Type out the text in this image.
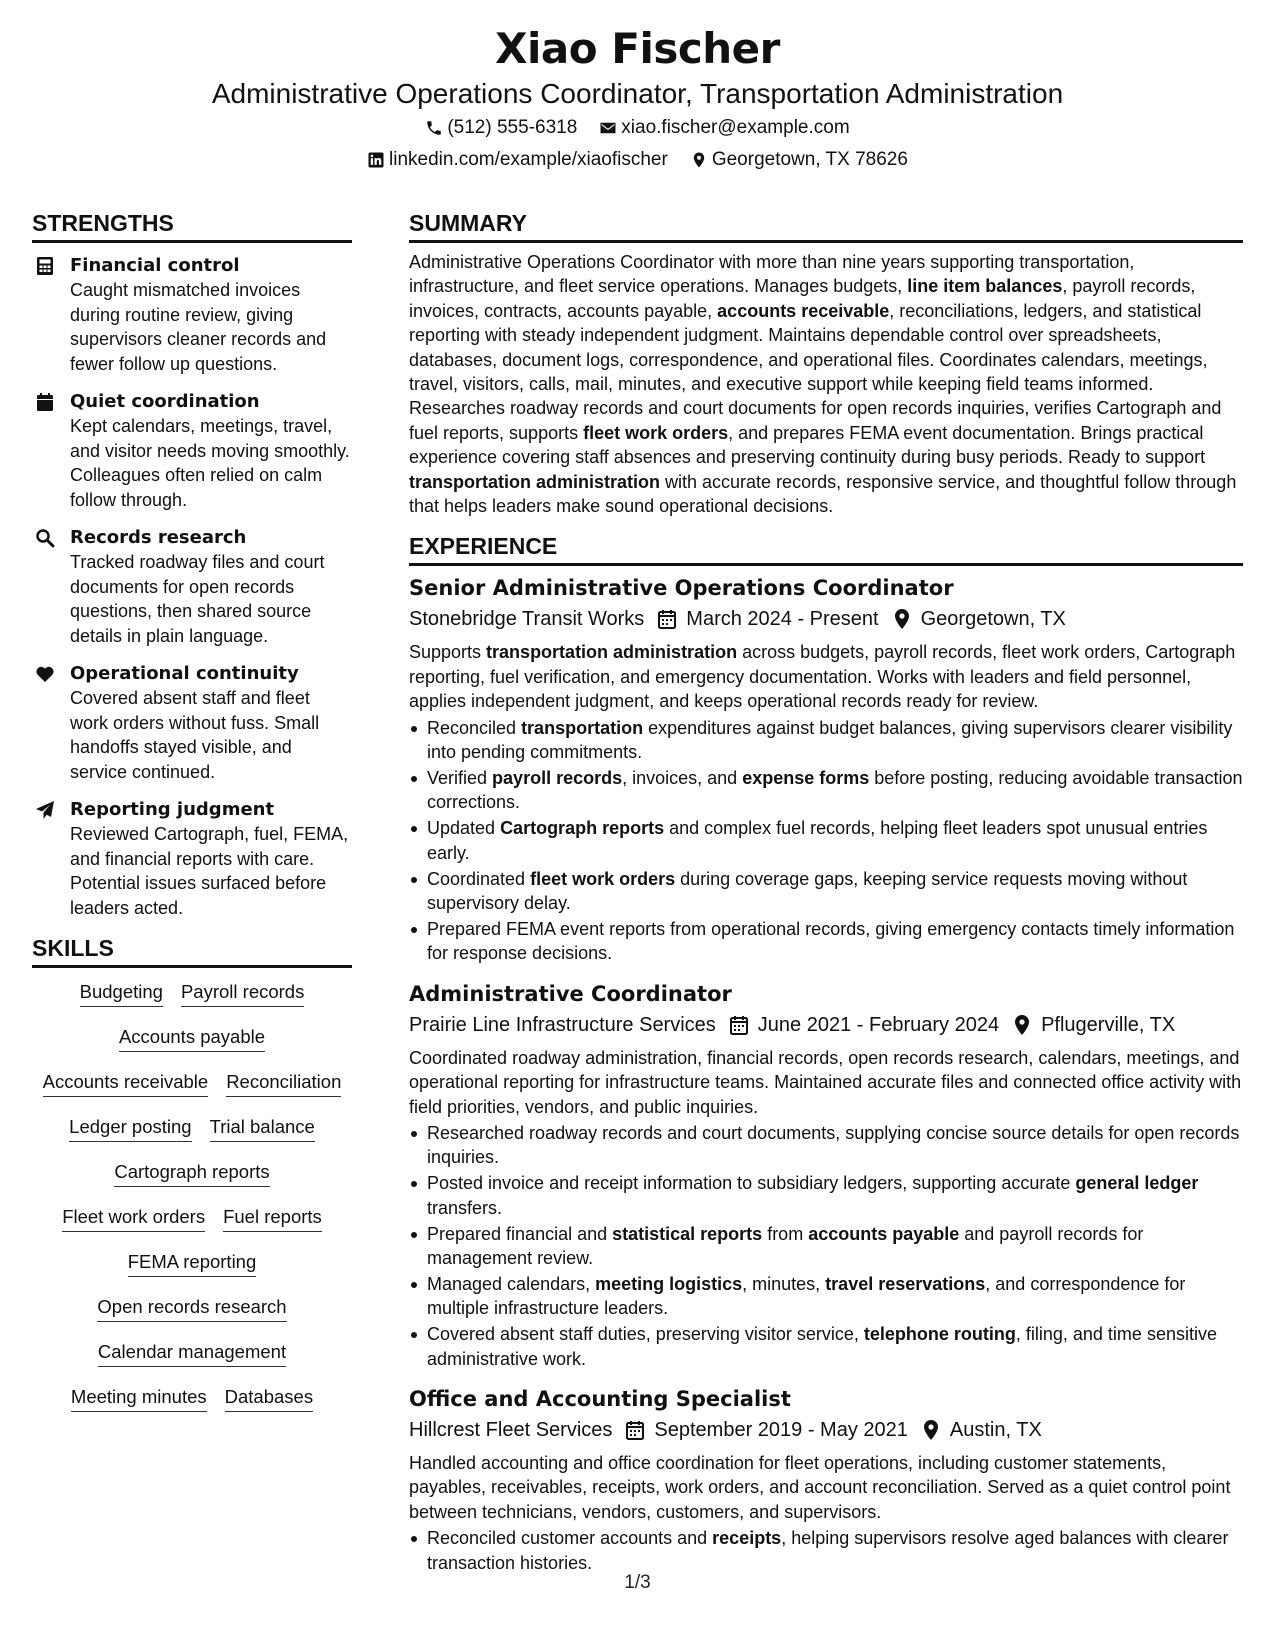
Xiao Fischer
Administrative Operations Coordinator, Transportation Administration
(512) 555-6318 xiao.fischer@example.com
linkedin.com/example/xiaofischer Georgetown, TX 78626
STRENGTHS
Financial control
Caught mismatched invoices during routine review, giving supervisors cleaner records and fewer follow up questions.
Quiet coordination
Kept calendars, meetings, travel, and visitor needs moving smoothly. Colleagues often relied on calm follow through.
Records research
Tracked roadway files and court documents for open records questions, then shared source details in plain language.
Operational continuity
Covered absent staff and fleet work orders without fuss. Small handoffs stayed visible, and service continued.
Reporting judgment
Reviewed Cartograph, fuel, FEMA, and financial reports with care. Potential issues surfaced before leaders acted.
SKILLS
Budgeting Payroll records
Accounts payable
Accounts receivable Reconciliation
Ledger posting Trial balance
Cartograph reports
Fleet work orders Fuel reports
FEMA reporting
Open records research
Calendar management
Meeting minutes Databases
SUMMARY

Administrative Operations Coordinator with more than nine years supporting transportation, infrastructure, and fleet service operations. Manages budgets, line item balances, payroll records, invoices, contracts, accounts payable, accounts receivable, reconciliations, ledgers, and statistical reporting with steady independent judgment. Maintains dependable control over spreadsheets, databases, document logs, correspondence, and operational files. Coordinates calendars, meetings, travel, visitors, calls, mail, minutes, and executive support while keeping field teams informed. Researches roadway records and court documents for open records inquiries, verifies Cartograph and fuel reports, supports fleet work orders, and prepares FEMA event documentation. Brings practical experience covering staff absences and preserving continuity during busy periods. Ready to support transportation administration with accurate records, responsive service, and thoughtful follow through that helps leaders make sound operational decisions.

EXPERIENCE
Senior Administrative Operations Coordinator
Stonebridge Transit Works March 2024 - Present Georgetown, TX

Supports transportation administration across budgets, payroll records, fleet work orders, Cartograph reporting, fuel verification, and emergency documentation. Works with leaders and field personnel, applies independent judgment, and keeps operational records ready for review.

Reconciled transportation expenditures against budget balances, giving supervisors clearer visibility into pending commitments.
Verified payroll records, invoices, and expense forms before posting, reducing avoidable transaction corrections.
Updated Cartograph reports and complex fuel records, helping fleet leaders spot unusual entries early.
Coordinated fleet work orders during coverage gaps, keeping service requests moving without supervisory delay.
Prepared FEMA event reports from operational records, giving emergency contacts timely information for response decisions.
Administrative Coordinator
Prairie Line Infrastructure Services June 2021 - February 2024 Pflugerville, TX

Coordinated roadway administration, financial records, open records research, calendars, meetings, and operational reporting for infrastructure teams. Maintained accurate files and connected office activity with field priorities, vendors, and public inquiries.

Researched roadway records and court documents, supplying concise source details for open records inquiries.
Posted invoice and receipt information to subsidiary ledgers, supporting accurate general ledger transfers.
Prepared financial and statistical reports from accounts payable and payroll records for management review.
Managed calendars, meeting logistics, minutes, travel reservations, and correspondence for multiple infrastructure leaders.
Covered absent staff duties, preserving visitor service, telephone routing, filing, and time sensitive administrative work.
Office and Accounting Specialist
Hillcrest Fleet Services September 2019 - May 2021 Austin, TX

Handled accounting and office coordination for fleet operations, including customer statements, payables, receivables, receipts, work orders, and account reconciliation. Served as a quiet control point between technicians, vendors, customers, and supervisors.

Reconciled customer accounts and receipts, helping supervisors resolve aged balances with clearer transaction histories.
1/3
